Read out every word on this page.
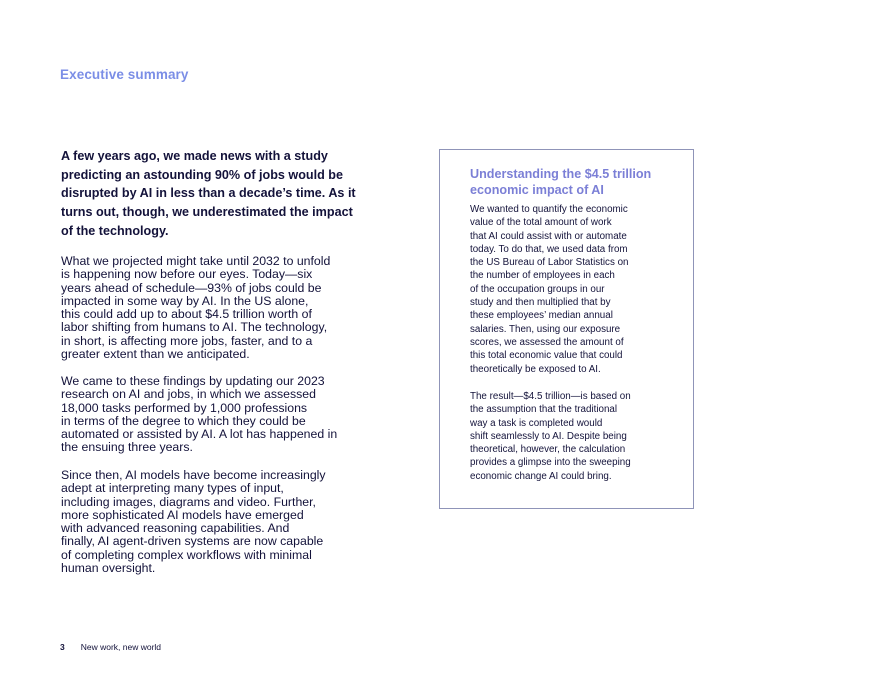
Executive summary
A few years ago, we made news with a study
predicting an astounding 90% of jobs would be
disrupted by AI in less than a decade’s time. As it
turns out, though, we underestimated the impact
of the technology.
What we projected might take until 2032 to unfold
is happening now before our eyes. Today—six
years ahead of schedule—93% of jobs could be
impacted in some way by AI. In the US alone,
this could add up to about $4.5 trillion worth of
labor shifting from humans to AI. The technology,
in short, is affecting more jobs, faster, and to a
greater extent than we anticipated.
We came to these findings by updating our 2023
research on AI and jobs, in which we assessed
18,000 tasks performed by 1,000 professions
in terms of the degree to which they could be
automated or assisted by AI. A lot has happened in
the ensuing three years.
Since then, AI models have become increasingly
adept at interpreting many types of input,
including images, diagrams and video. Further,
more sophisticated AI models have emerged
with advanced reasoning capabilities. And
finally, AI agent-driven systems are now capable
of completing complex workflows with minimal
human oversight.
Understanding the $4.5 trillion
economic impact of AI
We wanted to quantify the economic
value of the total amount of work
that AI could assist with or automate
today. To do that, we used data from
the US Bureau of Labor Statistics on
the number of employees in each
of the occupation groups in our
study and then multiplied that by
these employees’ median annual
salaries. Then, using our exposure
scores, we assessed the amount of
this total economic value that could
theoretically be exposed to AI.
The result—$4.5 trillion—is based on
the assumption that the traditional
way a task is completed would
shift seamlessly to AI. Despite being
theoretical, however, the calculation
provides a glimpse into the sweeping
economic change AI could bring.
3 New work, new world
